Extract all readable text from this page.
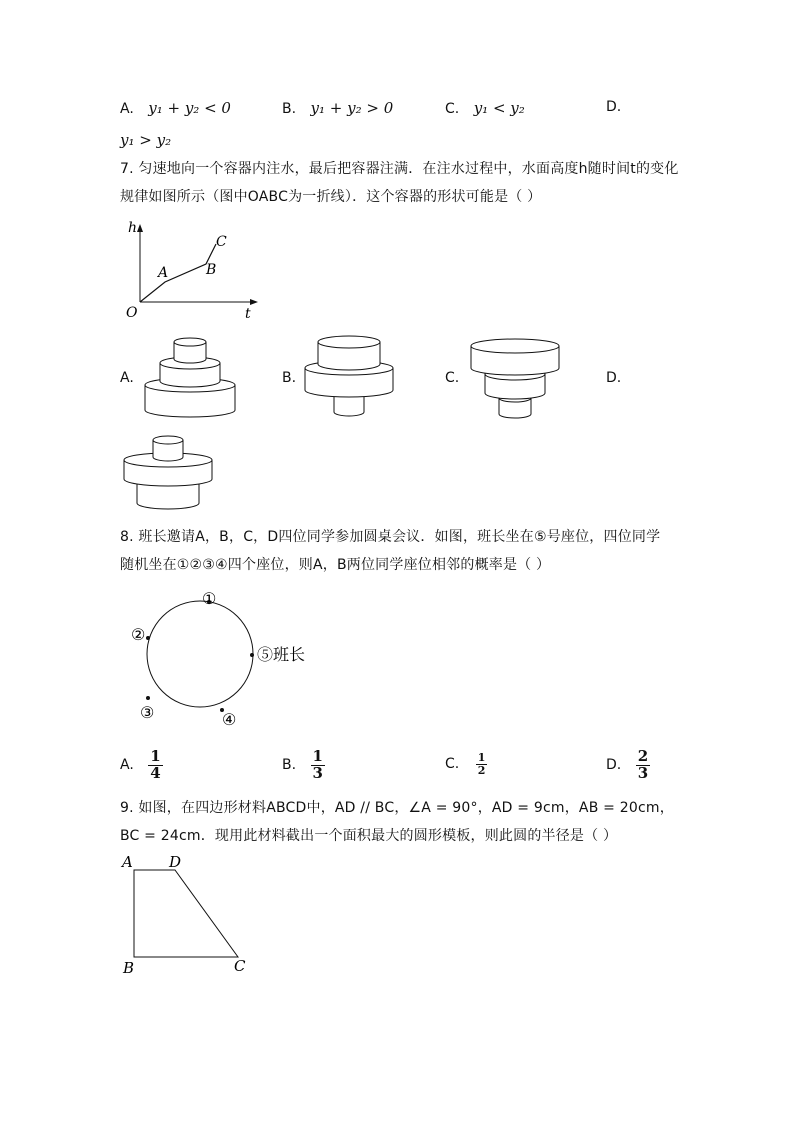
A. y₁ + y₂ < 0	B. y₁ + y₂ > 0	C. y₁ < y₂	D.
y₁ > y₂
7. 匀速地向一个容器内注水，最后把容器注满．在注水过程中，水面高度h随时间t的变化
规律如图所示（图中OABC为一折线）．这个容器的形状可能是（ ）
h
t
O
A	B
C
A.	B.	C.	D.
8. 班长邀请A，B，C，D四位同学参加圆桌会议．如图，班长坐在⑤号座位，四位同学
随机坐在①②③④四个座位，则A，B两位同学座位相邻的概率是（ ）
①
②
③	④
⑤班长
A. $\frac{1}{4}$	B. $\frac{1}{3}$	C. $\frac{1}{2}$	D. $\frac{2}{3}$
9. 如图，在四边形材料ABCD中，AD // BC，∠A = 90°，AD = 9cm，AB = 20cm，
BC = 24cm．现用此材料截出一个面积最大的圆形模板，则此圆的半径是（ ）
A D
B	C
